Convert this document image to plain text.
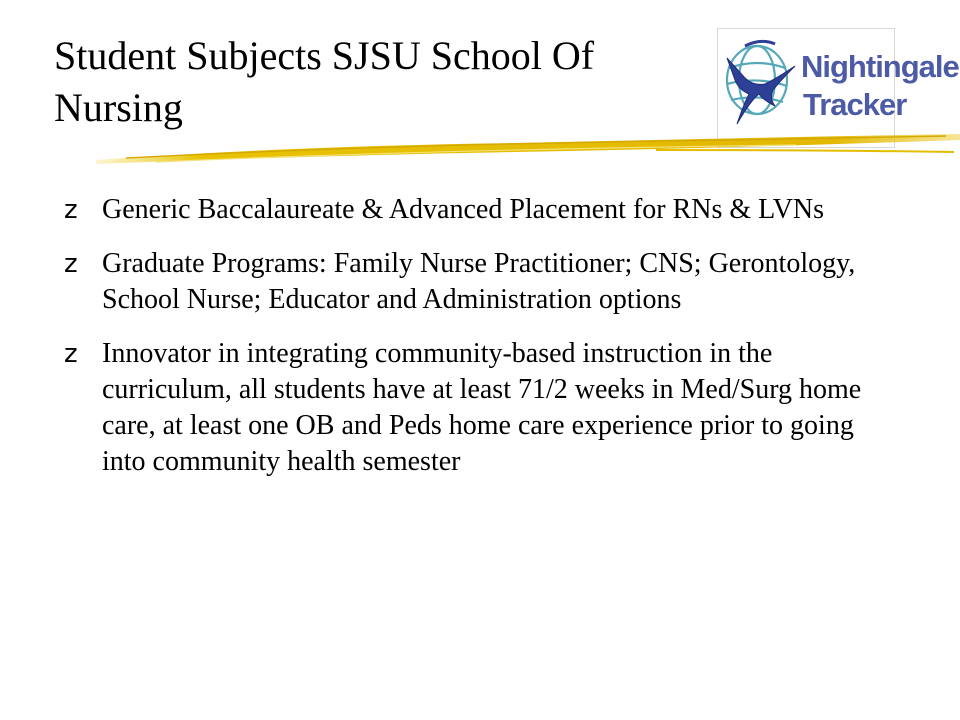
Student Subjects SJSU School Of Nursing
Nightingale
Tracker
z Generic Baccalaureate & Advanced Placement for RNs & LVNs
z Graduate Programs: Family Nurse Practitioner; CNS; Gerontology, School Nurse; Educator and Administration options
z Innovator in integrating community-based instruction in the curriculum, all students have at least 71/2 weeks in Med/Surg home care, at least one OB and Peds home care experience prior to going into community health semester
